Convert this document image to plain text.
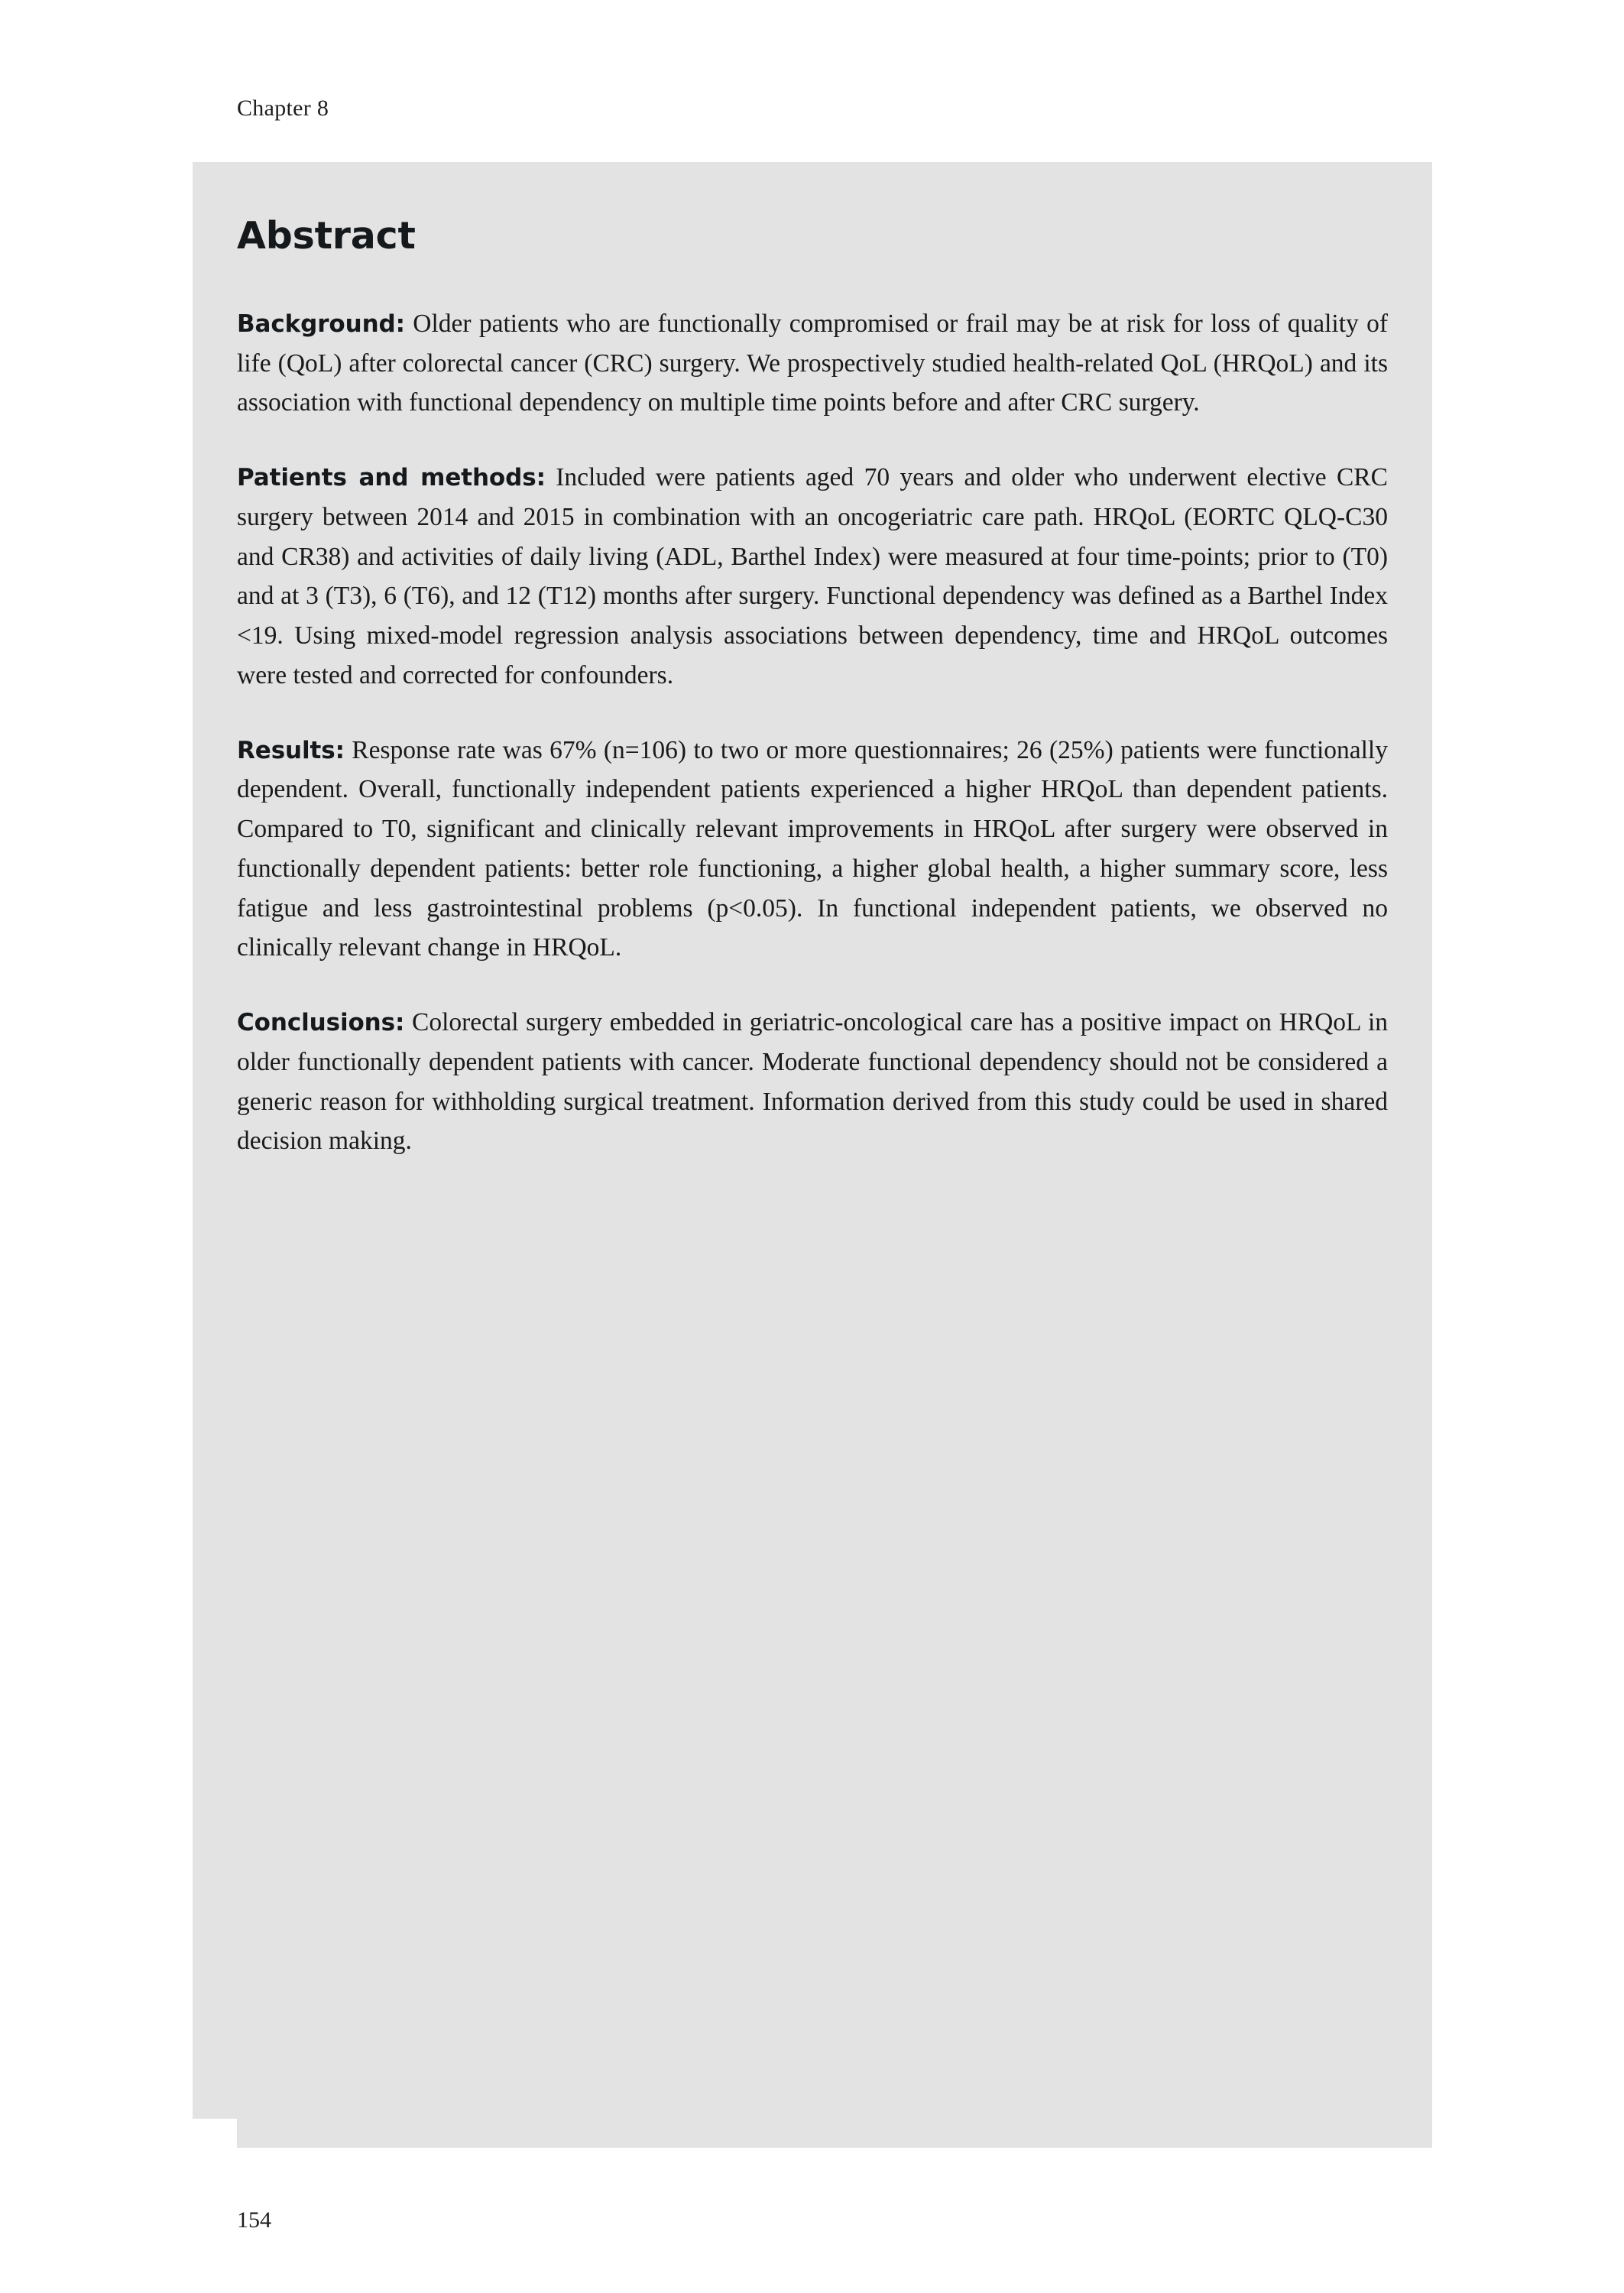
Chapter 8
Abstract

Background: Older patients who are functionally compromised or frail may be at risk for loss of quality of life (QoL) after colorectal cancer (CRC) surgery. We prospectively studied health-related QoL (HRQoL) and its association with functional dependency on multiple time points before and after CRC surgery.

Patients and methods: Included were patients aged 70 years and older who underwent elective CRC surgery between 2014 and 2015 in combination with an oncogeriatric care path. HRQoL (EORTC QLQ-C30 and CR38) and activities of daily living (ADL, Barthel Index) were measured at four time-points; prior to (T0) and at 3 (T3), 6 (T6), and 12 (T12) months after surgery. Functional dependency was defined as a Barthel Index <19. Using mixed-model regression analysis associations between dependency, time and HRQoL outcomes were tested and corrected for confounders.

Results: Response rate was 67% (n=106) to two or more questionnaires; 26 (25%) patients were functionally dependent. Overall, functionally independent patients experienced a higher HRQoL than dependent patients. Compared to T0, significant and clinically relevant improvements in HRQoL after surgery were observed in functionally dependent patients: better role functioning, a higher global health, a higher summary score, less fatigue and less gastrointestinal problems (p<0.05). In functional independent patients, we observed no clinically relevant change in HRQoL.

Conclusions: Colorectal surgery embedded in geriatric-oncological care has a positive impact on HRQoL in older functionally dependent patients with cancer. Moderate functional dependency should not be considered a generic reason for withholding surgical treatment. Information derived from this study could be used in shared decision making.

154
